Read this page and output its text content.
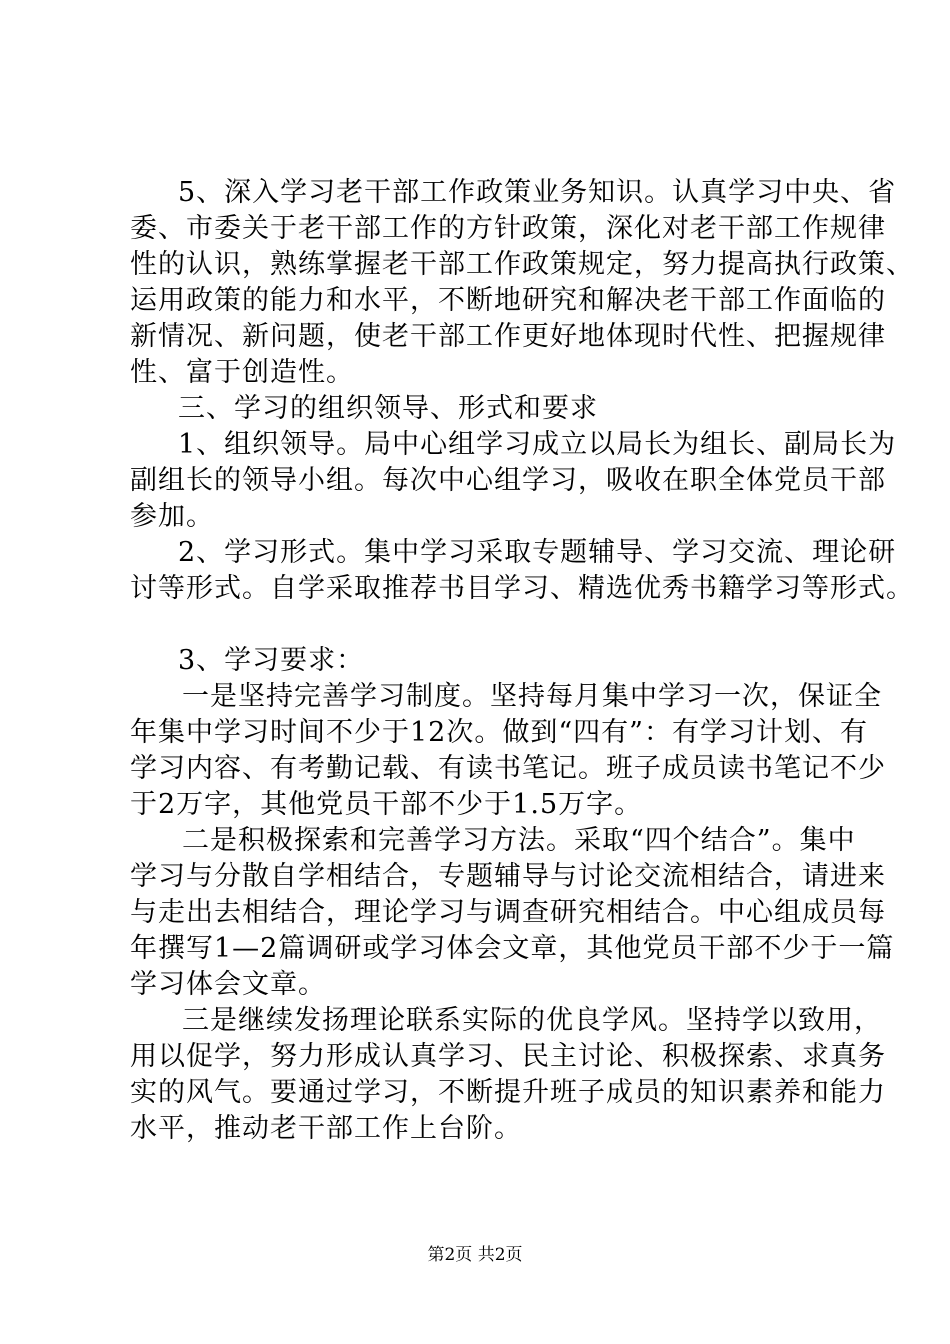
5、深入学习老干部工作政策业务知识。认真学习中央、省
委、市委关于老干部工作的方针政策，深化对老干部工作规律
性的认识，熟练掌握老干部工作政策规定，努力提高执行政策、
运用政策的能力和水平，不断地研究和解决老干部工作面临的
新情况、新问题，使老干部工作更好地体现时代性、把握规律
性、富于创造性。
三、学习的组织领导、形式和要求
1、组织领导。局中心组学习成立以局长为组长、副局长为
副组长的领导小组。每次中心组学习，吸收在职全体党员干部
参加。
2、学习形式。集中学习采取专题辅导、学习交流、理论研
讨等形式。自学采取推荐书目学习、精选优秀书籍学习等形式。
3、学习要求：
一是坚持完善学习制度。坚持每月集中学习一次，保证全
年集中学习时间不少于12次。做到“四有”：有学习计划、有
学习内容、有考勤记载、有读书笔记。班子成员读书笔记不少
于2万字，其他党员干部不少于1.5万字。
二是积极探索和完善学习方法。采取“四个结合”。集中
学习与分散自学相结合，专题辅导与讨论交流相结合，请进来
与走出去相结合，理论学习与调查研究相结合。中心组成员每
年撰写1—2篇调研或学习体会文章，其他党员干部不少于一篇
学习体会文章。
三是继续发扬理论联系实际的优良学风。坚持学以致用，
用以促学，努力形成认真学习、民主讨论、积极探索、求真务
实的风气。要通过学习，不断提升班子成员的知识素养和能力
水平，推动老干部工作上台阶。
第2页 共2页
